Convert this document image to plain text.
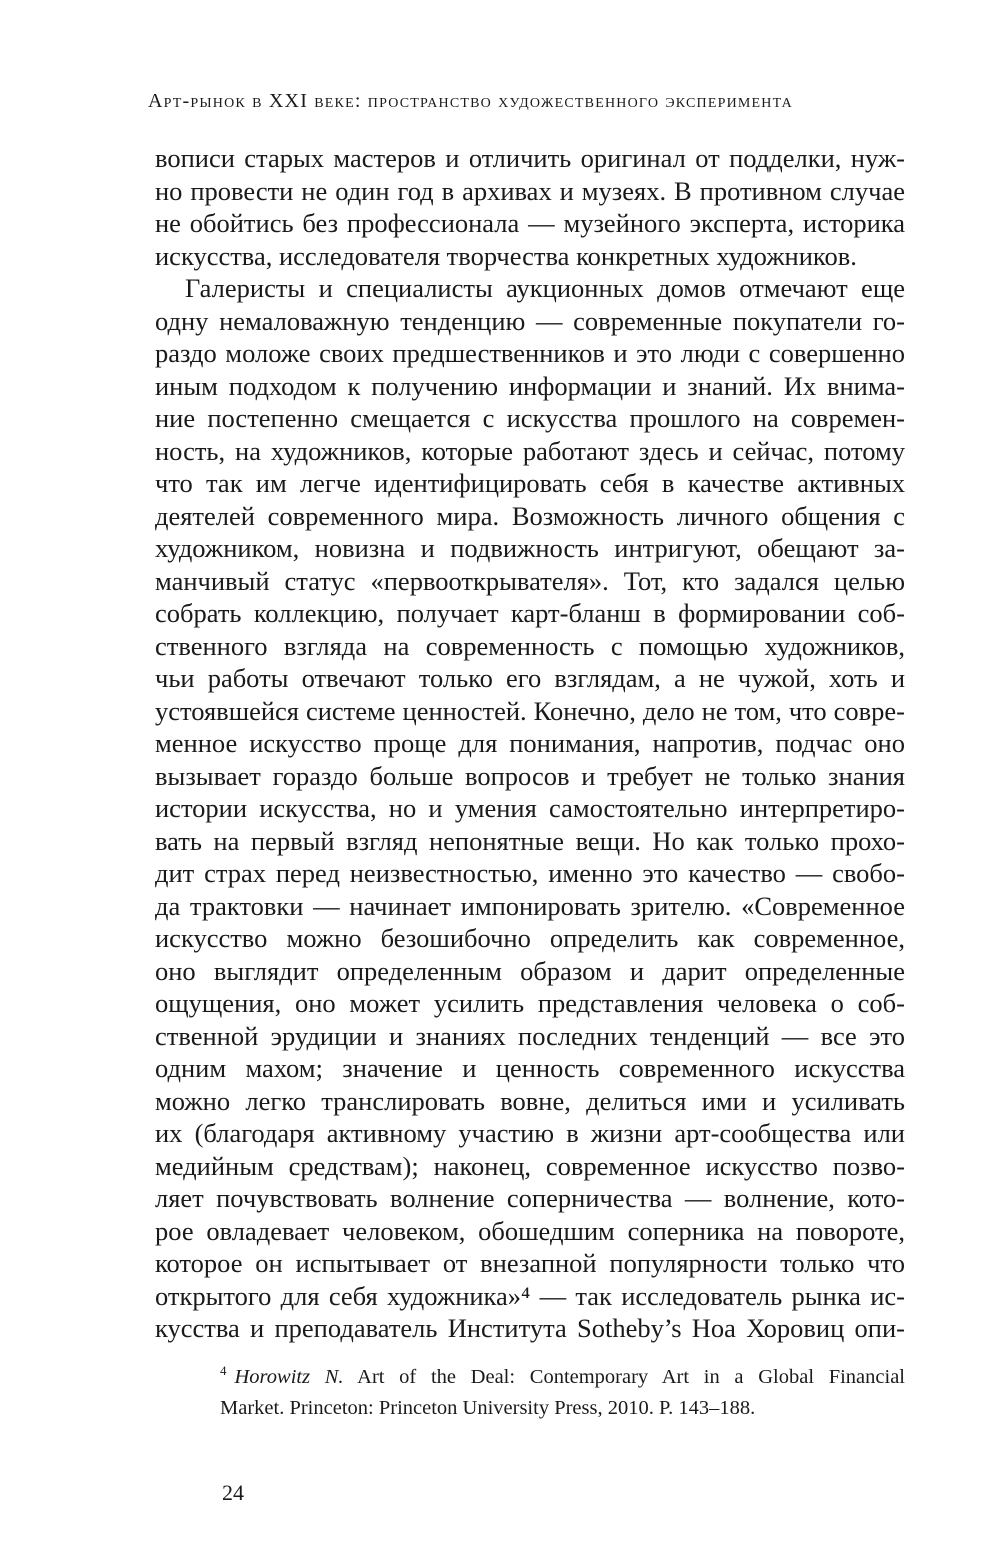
Арт-рынок в XXI веке: пространство художественного эксперимента
вописи старых мастеров и отличить оригинал от подделки, нуж-
но провести не один год в архивах и музеях. В противном случае
не обойтись без профессионала — музейного эксперта, историка
искусства, исследователя творчества конкретных художников.
Галеристы и специалисты аукционных домов отмечают еще
одну немаловажную тенденцию — современные покупатели го-
раздо моложе своих предшественников и это люди с совершенно
иным подходом к получению информации и знаний. Их внима-
ние постепенно смещается с искусства прошлого на современ-
ность, на художников, которые работают здесь и сейчас, потому
что так им легче идентифицировать себя в качестве активных
деятелей современного мира. Возможность личного общения с
художником, новизна и подвижность интригуют, обещают за-
манчивый статус «первооткрывателя». Тот, кто задался целью
собрать коллекцию, получает карт-бланш в формировании соб-
ственного взгляда на современность с помощью художников,
чьи работы отвечают только его взглядам, а не чужой, хоть и
устоявшейся системе ценностей. Конечно, дело не том, что совре-
менное искусство проще для понимания, напротив, подчас оно
вызывает гораздо больше вопросов и требует не только знания
истории искусства, но и умения самостоятельно интерпретиро-
вать на первый взгляд непонятные вещи. Но как только прохо-
дит страх перед неизвестностью, именно это качество — свобо-
да трактовки — начинает импонировать зрителю. «Современное
искусство можно безошибочно определить как современное,
оно выглядит определенным образом и дарит определенные
ощущения, оно может усилить представления человека о соб-
ственной эрудиции и знаниях последних тенденций — все это
одним махом; значение и ценность современного искусства
можно легко транслировать вовне, делиться ими и усиливать
их (благодаря активному участию в жизни арт-сообщества или
медийным средствам); наконец, современное искусство позво-
ляет почувствовать волнение соперничества — волнение, кото-
рое овладевает человеком, обошедшим соперника на повороте,
которое он испытывает от внезапной популярности только что
открытого для себя художника»⁴ — так исследователь рынка ис-
кусства и преподаватель Института Sotheby’s Ноа Хоровиц опи-
$^4$ Horowitz N. Art of the Deal: Contemporary Art in a Global Financial
Market. Princeton: Princeton University Press, 2010. P. 143–188.
24
